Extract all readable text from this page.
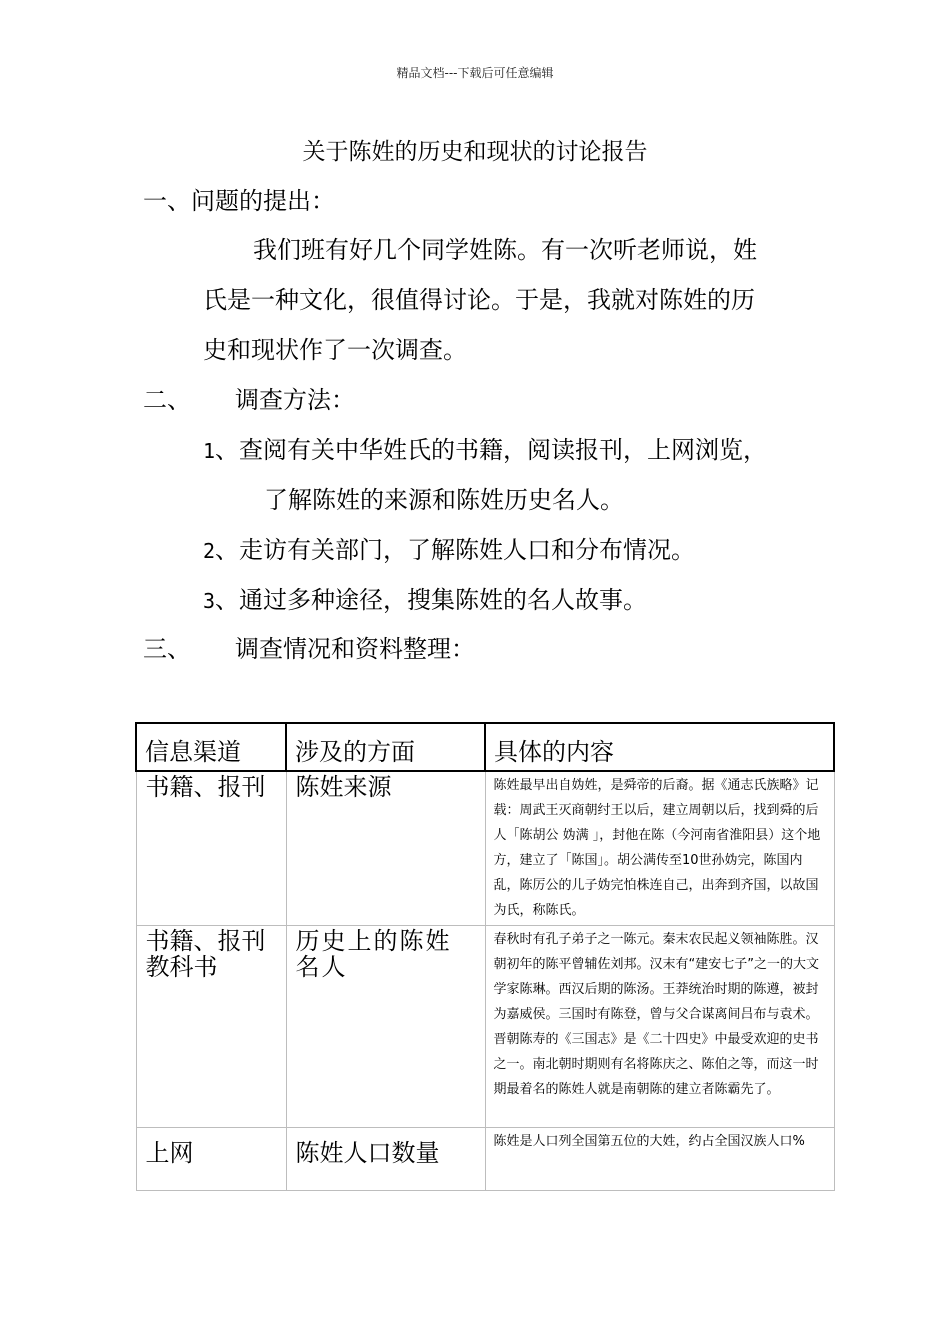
精品文档---下载后可任意编辑
关于陈姓的历史和现状的讨论报告
一、问题的提出：
我们班有好几个同学姓陈。有一次听老师说，姓
氏是一种文化，很值得讨论。于是，我就对陈姓的历
史和现状作了一次调查。
二、 调查方法：
1、查阅有关中华姓氏的书籍，阅读报刊，上网浏览，
了解陈姓的来源和陈姓历史名人。
2、走访有关部门，了解陈姓人口和分布情况。
3、通过多种途径，搜集陈姓的名人故事。
三、 调查情况和资料整理：
信息渠道	涉及的方面	具体的内容
书籍、报刊	陈姓来源	陈姓最早出自妫姓，是舜帝的后裔。据《通志氏族略》记载：周武王灭商朝纣王以后，建立周朝以后，找到舜的后人「陈胡公 妫满 」，封他在陈（今河南省淮阳县）这个地方，建立了「陈国」。胡公满传至10世孙妫完，陈国内乱，陈厉公的儿子妫完怕株连自己，出奔到齐国，以故国为氏，称陈氏。
书籍、报刊教科书	历史上的陈姓名人	春秋时有孔子弟子之一陈元。秦末农民起义领袖陈胜。汉朝初年的陈平曾辅佐刘邦。汉末有“建安七子”之一的大文学家陈琳。西汉后期的陈汤。王莽统治时期的陈遵，被封为嘉威侯。三国时有陈登，曾与父合谋离间吕布与袁术。晋朝陈寿的《三国志》是《二十四史》中最受欢迎的史书之一。南北朝时期则有名将陈庆之、陈伯之等，而这一时期最着名的陈姓人就是南朝陈的建立者陈霸先了。
上网	陈姓人口数量	陈姓是人口列全国第五位的大姓，约占全国汉族人口%
